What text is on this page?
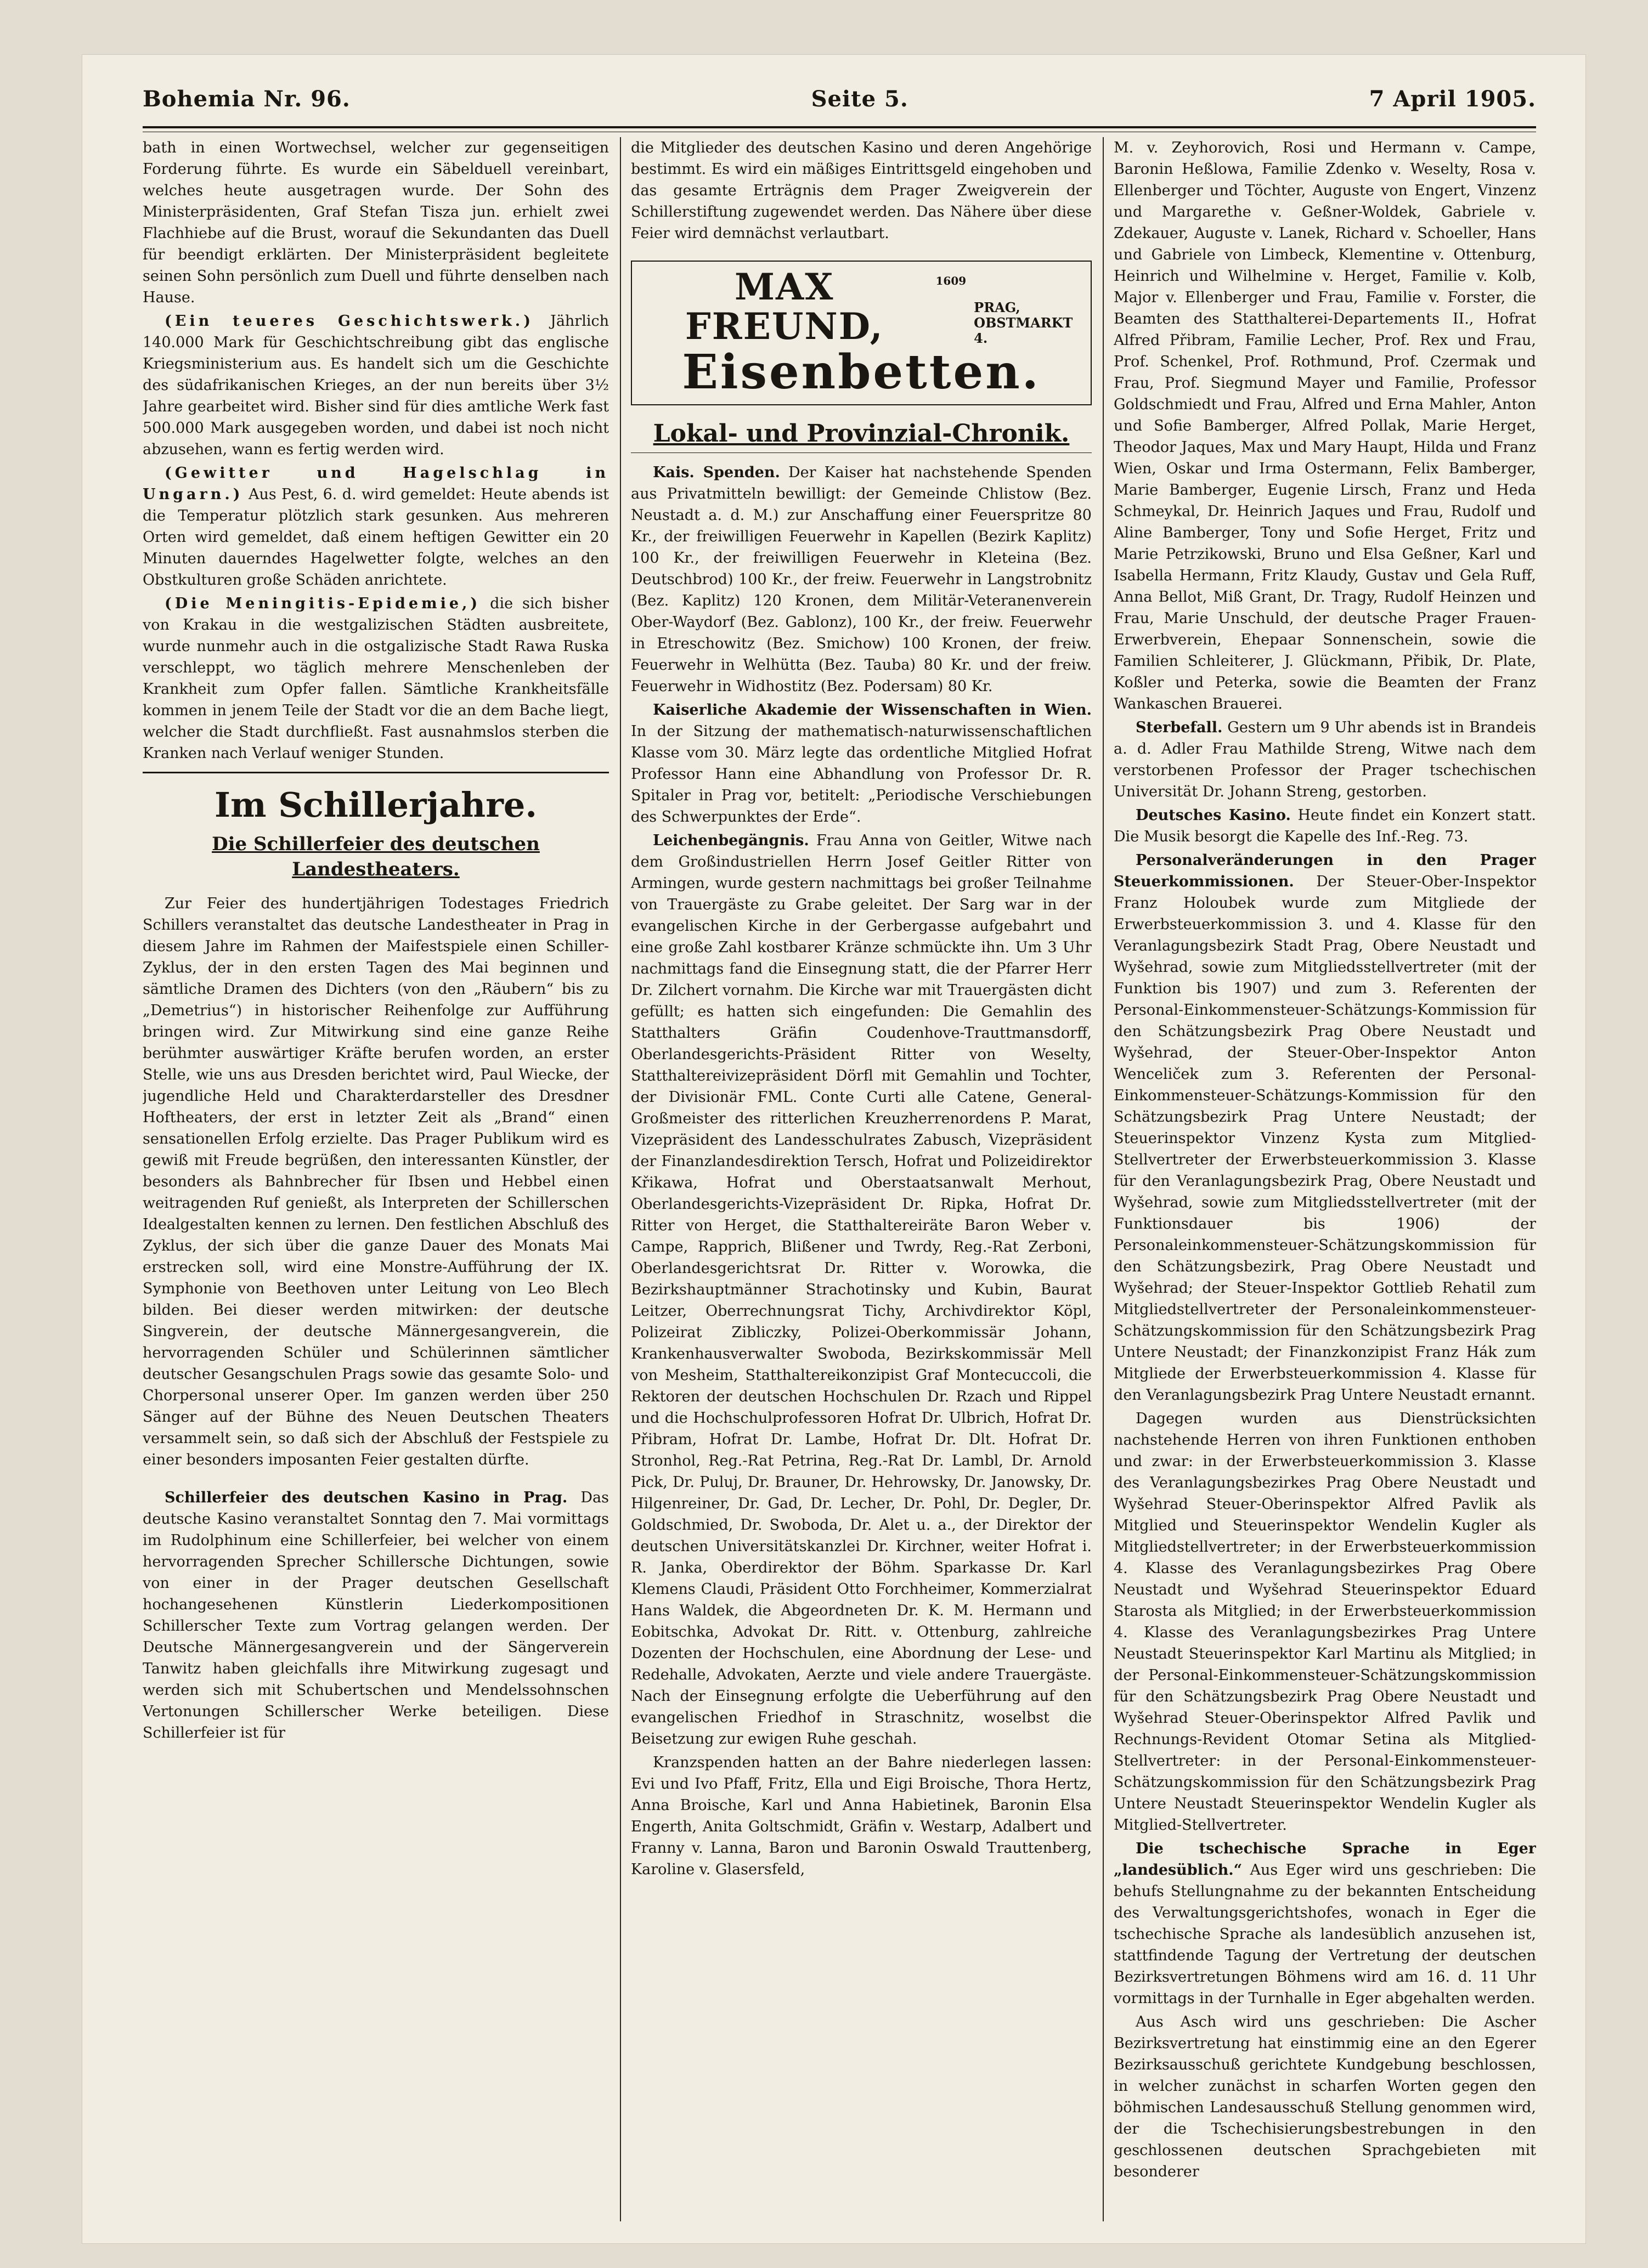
Bohemia Nr. 96.	Seite 5.	7 April 1905.

bath in einen Wortwechsel, welcher zur gegenseitigen Forderung führte. Es wurde ein Säbelduell vereinbart, welches heute ausgetragen wurde. Der Sohn des Ministerpräsidenten, Graf Stefan Tisza jun. erhielt zwei Flachhiebe auf die Brust, worauf die Sekundanten das Duell für beendigt erklärten. Der Ministerpräsident begleitete seinen Sohn persönlich zum Duell und führte denselben nach Hause.

(Ein teueres Geschichtswerk.) Jährlich 140.000 Mark für Geschichtschreibung gibt das englische Kriegsministerium aus. Es handelt sich um die Geschichte des südafrikanischen Krieges, an der nun bereits über 3½ Jahre gearbeitet wird. Bisher sind für dies amtliche Werk fast 500.000 Mark ausgegeben worden, und dabei ist noch nicht abzusehen, wann es fertig werden wird.

(Gewitter und Hagelschlag in Ungarn.) Aus Pest, 6. d. wird gemeldet: Heute abends ist die Temperatur plötzlich stark gesunken. Aus mehreren Orten wird gemeldet, daß einem heftigen Gewitter ein 20 Minuten dauerndes Hagelwetter folgte, welches an den Obstkulturen große Schäden anrichtete.

(Die Meningitis-Epidemie,) die sich bisher von Krakau in die westgalizischen Städten ausbreitete, wurde nunmehr auch in die ostgalizische Stadt Rawa Ruska verschleppt, wo täglich mehrere Menschenleben der Krankheit zum Opfer fallen. Sämtliche Krankheitsfälle kommen in jenem Teile der Stadt vor die an dem Bache liegt, welcher die Stadt durchfließt. Fast ausnahmslos sterben die Kranken nach Verlauf weniger Stunden.

Im Schillerjahre.
Die Schillerfeier des deutschen Landestheaters.

Zur Feier des hundertjährigen Todestages Friedrich Schillers veranstaltet das deutsche Landestheater in Prag in diesem Jahre im Rahmen der Maifestspiele einen Schiller-Zyklus, der in den ersten Tagen des Mai beginnen und sämtliche Dramen des Dichters (von den „Räubern“ bis zu „Demetrius“) in historischer Reihenfolge zur Aufführung bringen wird. Zur Mitwirkung sind eine ganze Reihe berühmter auswärtiger Kräfte berufen worden, an erster Stelle, wie uns aus Dresden berichtet wird, Paul Wiecke, der jugendliche Held und Charakterdarsteller des Dresdner Hoftheaters, der erst in letzter Zeit als „Brand“ einen sensationellen Erfolg erzielte. Das Prager Publikum wird es gewiß mit Freude begrüßen, den interessanten Künstler, der besonders als Bahnbrecher für Ibsen und Hebbel einen weitragenden Ruf genießt, als Interpreten der Schillerschen Idealgestalten kennen zu lernen. Den festlichen Abschluß des Zyklus, der sich über die ganze Dauer des Monats Mai erstrecken soll, wird eine Monstre-Aufführung der IX. Symphonie von Beethoven unter Leitung von Leo Blech bilden. Bei dieser werden mitwirken: der deutsche Singverein, der deutsche Männergesangverein, die hervorragenden Schüler und Schülerinnen sämtlicher deutscher Gesangschulen Prags sowie das gesamte Solo- und Chorpersonal unserer Oper. Im ganzen werden über 250 Sänger auf der Bühne des Neuen Deutschen Theaters versammelt sein, so daß sich der Abschluß der Festspiele zu einer besonders imposanten Feier gestalten dürfte.

Schillerfeier des deutschen Kasino in Prag. Das deutsche Kasino veranstaltet Sonntag den 7. Mai vormittags im Rudolphinum eine Schillerfeier, bei welcher von einem hervorragenden Sprecher Schillersche Dichtungen, sowie von einer in der Prager deutschen Gesellschaft hochangesehenen Künstlerin Liederkompositionen Schillerscher Texte zum Vortrag gelangen werden. Der Deutsche Männergesangverein und der Sängerverein Tanwitz haben gleichfalls ihre Mitwirkung zugesagt und werden sich mit Schubertschen und Mendelssohnschen Vertonungen Schillerscher Werke beteiligen. Diese Schillerfeier ist für

die Mitglieder des deutschen Kasino und deren Angehörige bestimmt. Es wird ein mäßiges Eintrittsgeld eingehoben und das gesamte Erträgnis dem Prager Zweigverein der Schillerstiftung zugewendet werden. Das Nähere über diese Feier wird demnächst verlautbart.

MAX FREUND,
1609
PRAG,
OBSTMARKT 4.
Eisenbetten.
Lokal- und Provinzial-Chronik.

Kais. Spenden. Der Kaiser hat nachstehende Spenden aus Privatmitteln bewilligt: der Gemeinde Chlistow (Bez. Neustadt a. d. M.) zur Anschaffung einer Feuerspritze 80 Kr., der freiwilligen Feuerwehr in Kapellen (Bezirk Kaplitz) 100 Kr., der freiwilligen Feuerwehr in Kleteina (Bez. Deutschbrod) 100 Kr., der freiw. Feuerwehr in Langstrobnitz (Bez. Kaplitz) 120 Kronen, dem Militär-Veteranenverein Ober-Waydorf (Bez. Gablonz), 100 Kr., der freiw. Feuerwehr in Etreschowitz (Bez. Smichow) 100 Kronen, der freiw. Feuerwehr in Welhütta (Bez. Tauba) 80 Kr. und der freiw. Feuerwehr in Widhostitz (Bez. Podersam) 80 Kr.

Kaiserliche Akademie der Wissenschaften in Wien. In der Sitzung der mathematisch-naturwissenschaftlichen Klasse vom 30. März legte das ordentliche Mitglied Hofrat Professor Hann eine Abhandlung von Professor Dr. R. Spitaler in Prag vor, betitelt: „Periodische Verschiebungen des Schwerpunktes der Erde“.

Leichenbegängnis. Frau Anna von Geitler, Witwe nach dem Großindustriellen Herrn Josef Geitler Ritter von Armingen, wurde gestern nachmittags bei großer Teilnahme von Trauergäste zu Grabe geleitet. Der Sarg war in der evangelischen Kirche in der Gerbergasse aufgebahrt und eine große Zahl kostbarer Kränze schmückte ihn. Um 3 Uhr nachmittags fand die Einsegnung statt, die der Pfarrer Herr Dr. Zilchert vornahm. Die Kirche war mit Trauergästen dicht gefüllt; es hatten sich eingefunden: Die Gemahlin des Statthalters Gräfin Coudenhove-Trauttmansdorff, Oberlandesgerichts-Präsident Ritter von Weselty, Statthaltereivizepräsident Dörfl mit Gemahlin und Tochter, der Divisionär FML. Conte Curti alle Catene, General-Großmeister des ritterlichen Kreuzherrenordens P. Marat, Vizepräsident des Landesschulrates Zabusch, Vizepräsident der Finanzlandesdirektion Tersch, Hofrat und Polizeidirektor Křikawa, Hofrat und Oberstaatsanwalt Merhout, Oberlandesgerichts-Vizepräsident Dr. Ripka, Hofrat Dr. Ritter von Herget, die Statthaltereiräte Baron Weber v. Campe, Rapprich, Blißener und Twrdy, Reg.-Rat Zerboni, Oberlandesgerichtsrat Dr. Ritter v. Worowka, die Bezirkshauptmänner Strachotinsky und Kubin, Baurat Leitzer, Oberrechnungsrat Tichy, Archivdirektor Köpl, Polizeirat Zibliczky, Polizei-Oberkommissär Johann, Krankenhausverwalter Swoboda, Bezirkskommissär Mell von Mesheim, Statthaltereikonzipist Graf Montecuccoli, die Rektoren der deutschen Hochschulen Dr. Rzach und Rippel und die Hochschulprofessoren Hofrat Dr. Ulbrich, Hofrat Dr. Přibram, Hofrat Dr. Lambe, Hofrat Dr. Dlt. Hofrat Dr. Stronhol, Reg.-Rat Petrina, Reg.-Rat Dr. Lambl, Dr. Arnold Pick, Dr. Puluj, Dr. Brauner, Dr. Hehrowsky, Dr. Janowsky, Dr. Hilgenreiner, Dr. Gad, Dr. Lecher, Dr. Pohl, Dr. Degler, Dr. Goldschmied, Dr. Swoboda, Dr. Alet u. a., der Direktor der deutschen Universitätskanzlei Dr. Kirchner, weiter Hofrat i. R. Janka, Oberdirektor der Böhm. Sparkasse Dr. Karl Klemens Claudi, Präsident Otto Forchheimer, Kommerzialrat Hans Waldek, die Abgeordneten Dr. K. M. Hermann und Eobitschka, Advokat Dr. Ritt. v. Ottenburg, zahlreiche Dozenten der Hochschulen, eine Abordnung der Lese- und Redehalle, Advokaten, Aerzte und viele andere Trauergäste. Nach der Einsegnung erfolgte die Ueberführung auf den evangelischen Friedhof in Straschnitz, woselbst die Beisetzung zur ewigen Ruhe geschah.

Kranzspenden hatten an der Bahre niederlegen lassen: Evi und Ivo Pfaff, Fritz, Ella und Eigi Broische, Thora Hertz, Anna Broische, Karl und Anna Habietinek, Baronin Elsa Engerth, Anita Goltschmidt, Gräfin v. Westarp, Adalbert und Franny v. Lanna, Baron und Baronin Oswald Trauttenberg, Karoline v. Glasersfeld,

M. v. Zeyhorovich, Rosi und Hermann v. Campe, Baronin Heßlowa, Familie Zdenko v. Weselty, Rosa v. Ellenberger und Töchter, Auguste von Engert, Vinzenz und Margarethe v. Geßner-Woldek, Gabriele v. Zdekauer, Auguste v. Lanek, Richard v. Schoeller, Hans und Gabriele von Limbeck, Klementine v. Ottenburg, Heinrich und Wilhelmine v. Herget, Familie v. Kolb, Major v. Ellenberger und Frau, Familie v. Forster, die Beamten des Statthalterei-Departements II., Hofrat Alfred Přibram, Familie Lecher, Prof. Rex und Frau, Prof. Schenkel, Prof. Rothmund, Prof. Czermak und Frau, Prof. Siegmund Mayer und Familie, Professor Goldschmiedt und Frau, Alfred und Erna Mahler, Anton und Sofie Bamberger, Alfred Pollak, Marie Herget, Theodor Jaques, Max und Mary Haupt, Hilda und Franz Wien, Oskar und Irma Ostermann, Felix Bamberger, Marie Bamberger, Eugenie Lirsch, Franz und Heda Schmeykal, Dr. Heinrich Jaques und Frau, Rudolf und Aline Bamberger, Tony und Sofie Herget, Fritz und Marie Petrzikowski, Bruno und Elsa Geßner, Karl und Isabella Hermann, Fritz Klaudy, Gustav und Gela Ruff, Anna Bellot, Miß Grant, Dr. Tragy, Rudolf Heinzen und Frau, Marie Unschuld, der deutsche Prager Frauen-Erwerbverein, Ehepaar Sonnenschein, sowie die Familien Schleiterer, J. Glückmann, Přibik, Dr. Plate, Koßler und Peterka, sowie die Beamten der Franz Wankaschen Brauerei.

Sterbefall. Gestern um 9 Uhr abends ist in Brandeis a. d. Adler Frau Mathilde Streng, Witwe nach dem verstorbenen Professor der Prager tschechischen Universität Dr. Johann Streng, gestorben.

Deutsches Kasino. Heute findet ein Konzert statt. Die Musik besorgt die Kapelle des Inf.-Reg. 73.

Personalveränderungen in den Prager Steuerkommissionen. Der Steuer-Ober-Inspektor Franz Holoubek wurde zum Mitgliede der Erwerbsteuerkommission 3. und 4. Klasse für den Veranlagungsbezirk Stadt Prag, Obere Neustadt und Wyšehrad, sowie zum Mitgliedsstellvertreter (mit der Funktion bis 1907) und zum 3. Referenten der Personal-Einkommensteuer-Schätzungs-Kommission für den Schätzungsbezirk Prag Obere Neustadt und Wyšehrad, der Steuer-Ober-Inspektor Anton Wenceliček zum 3. Referenten der Personal-Einkommensteuer-Schätzungs-Kommission für den Schätzungsbezirk Prag Untere Neustadt; der Steuerinspektor Vinzenz Kysta zum Mitglied-Stellvertreter der Erwerbsteuerkommission 3. Klasse für den Veranlagungsbezirk Prag, Obere Neustadt und Wyšehrad, sowie zum Mitgliedsstellvertreter (mit der Funktionsdauer bis 1906) der Personaleinkommensteuer-Schätzungskommission für den Schätzungsbezirk, Prag Obere Neustadt und Wyšehrad; der Steuer-Inspektor Gottlieb Rehatil zum Mitgliedstellvertreter der Personaleinkommensteuer-Schätzungskommission für den Schätzungsbezirk Prag Untere Neustadt; der Finanzkonzipist Franz Hák zum Mitgliede der Erwerbsteuerkommission 4. Klasse für den Veranlagungsbezirk Prag Untere Neustadt ernannt.

Dagegen wurden aus Dienstrücksichten nachstehende Herren von ihren Funktionen enthoben und zwar: in der Erwerbsteuerkommission 3. Klasse des Veranlagungsbezirkes Prag Obere Neustadt und Wyšehrad Steuer-Oberinspektor Alfred Pavlik als Mitglied und Steuerinspektor Wendelin Kugler als Mitgliedstellvertreter; in der Erwerbsteuerkommission 4. Klasse des Veranlagungsbezirkes Prag Obere Neustadt und Wyšehrad Steuerinspektor Eduard Starosta als Mitglied; in der Erwerbsteuerkommission 4. Klasse des Veranlagungsbezirkes Prag Untere Neustadt Steuerinspektor Karl Martinu als Mitglied; in der Personal-Einkommensteuer-Schätzungskommission für den Schätzungsbezirk Prag Obere Neustadt und Wyšehrad Steuer-Oberinspektor Alfred Pavlik und Rechnungs-Revident Otomar Setina als Mitglied-Stellvertreter: in der Personal-Einkommensteuer-Schätzungskommission für den Schätzungsbezirk Prag Untere Neustadt Steuerinspektor Wendelin Kugler als Mitglied-Stellvertreter.

Die tschechische Sprache in Eger „landesüblich.“ Aus Eger wird uns geschrieben: Die behufs Stellungnahme zu der bekannten Entscheidung des Verwaltungsgerichtshofes, wonach in Eger die tschechische Sprache als landesüblich anzusehen ist, stattfindende Tagung der Vertretung der deutschen Bezirksvertretungen Böhmens wird am 16. d. 11 Uhr vormittags in der Turnhalle in Eger abgehalten werden.

Aus Asch wird uns geschrieben: Die Ascher Bezirksvertretung hat einstimmig eine an den Egerer Bezirksausschuß gerichtete Kundgebung beschlossen, in welcher zunächst in scharfen Worten gegen den böhmischen Landesausschuß Stellung genommen wird, der die Tschechisierungsbestrebungen in den geschlossenen deutschen Sprachgebieten mit besonderer
